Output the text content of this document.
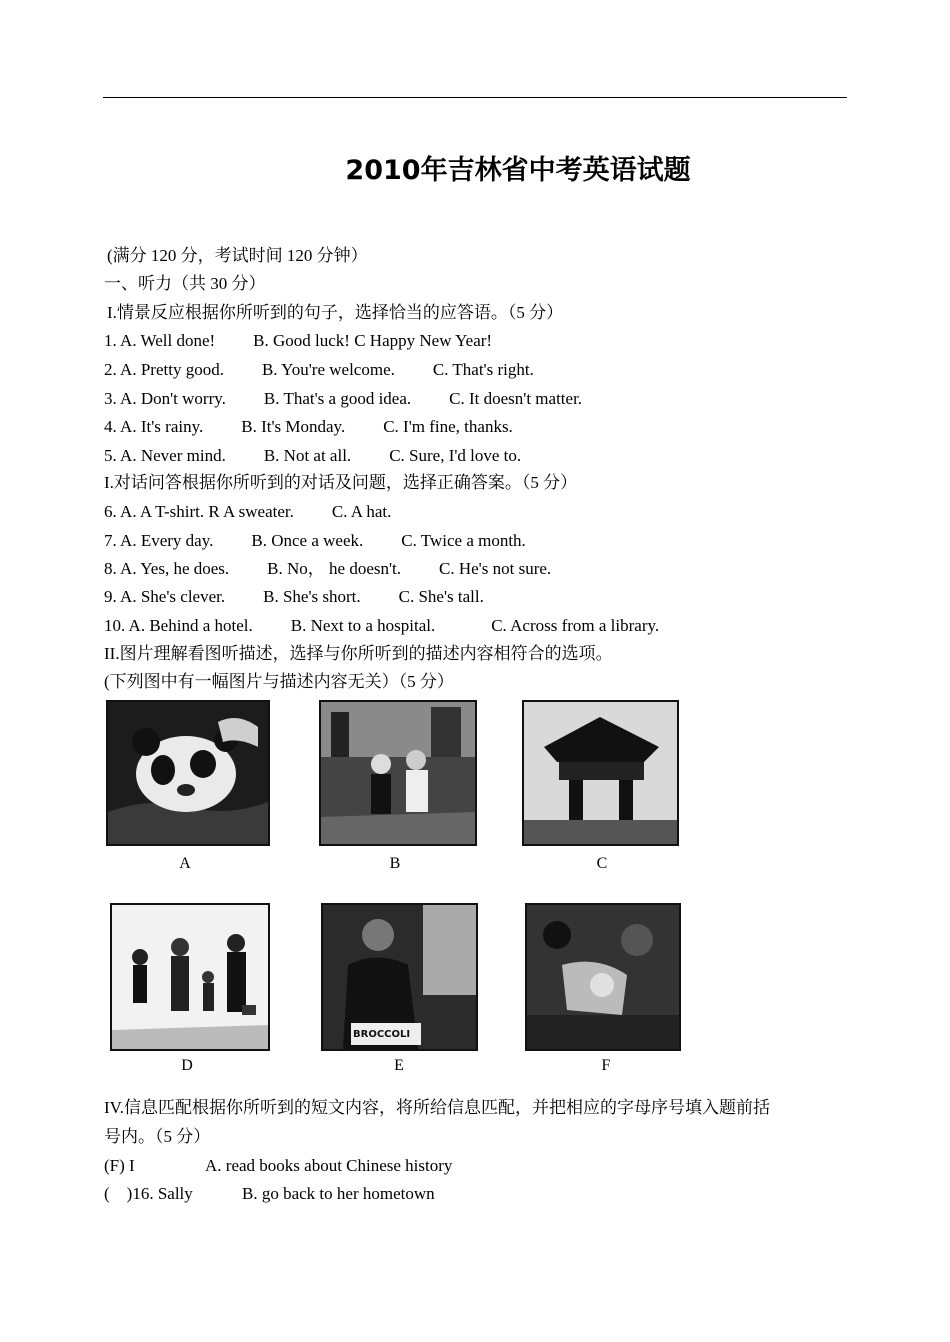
2010年吉林省中考英语试题
(满分 120 分，考试时间 120 分钟）
一、听力（共 30 分）
I.情景反应根据你所听到的句子，选择恰当的应答语。（5 分）
1. A. Well done! B. Good luck! C Happy New Year!
2. A. Pretty good. B. You're welcome. C. That's right.
3. A. Don't worry. B. That's a good idea. C. It doesn't matter.
4. A. It's rainy. B. It's Monday. C. I'm fine, thanks.
5. A. Never mind. B. Not at all. C. Sure, I'd love to.
I.对话问答根据你所听到的对话及问题，选择正确答案。（5 分）
6. A. A T-shirt. R A sweater. C. A hat.
7. A. Every day. B. Once a week. C. Twice a month.
8. A. Yes, he does. B. No， he doesn't. C. He's not sure.
9. A. She's clever. B. She's short. C. She's tall.
10. A. Behind a hotel. B. Next to a hospital.	C. Across from a library.
II.图片理解看图听描述，选择与你所听到的描述内容相符合的选项。
(下列图中有一幅图片与描述内容无关）（5 分）
A	B	C
BROCCOLI
D	E	F
IV.信息匹配根据你所听到的短文内容，将所给信息匹配，并把相应的字母序号填入题前括
号内。（5 分）
(F) I	A. read books about Chinese history
(    )16. Sally	B. go back to her hometown
